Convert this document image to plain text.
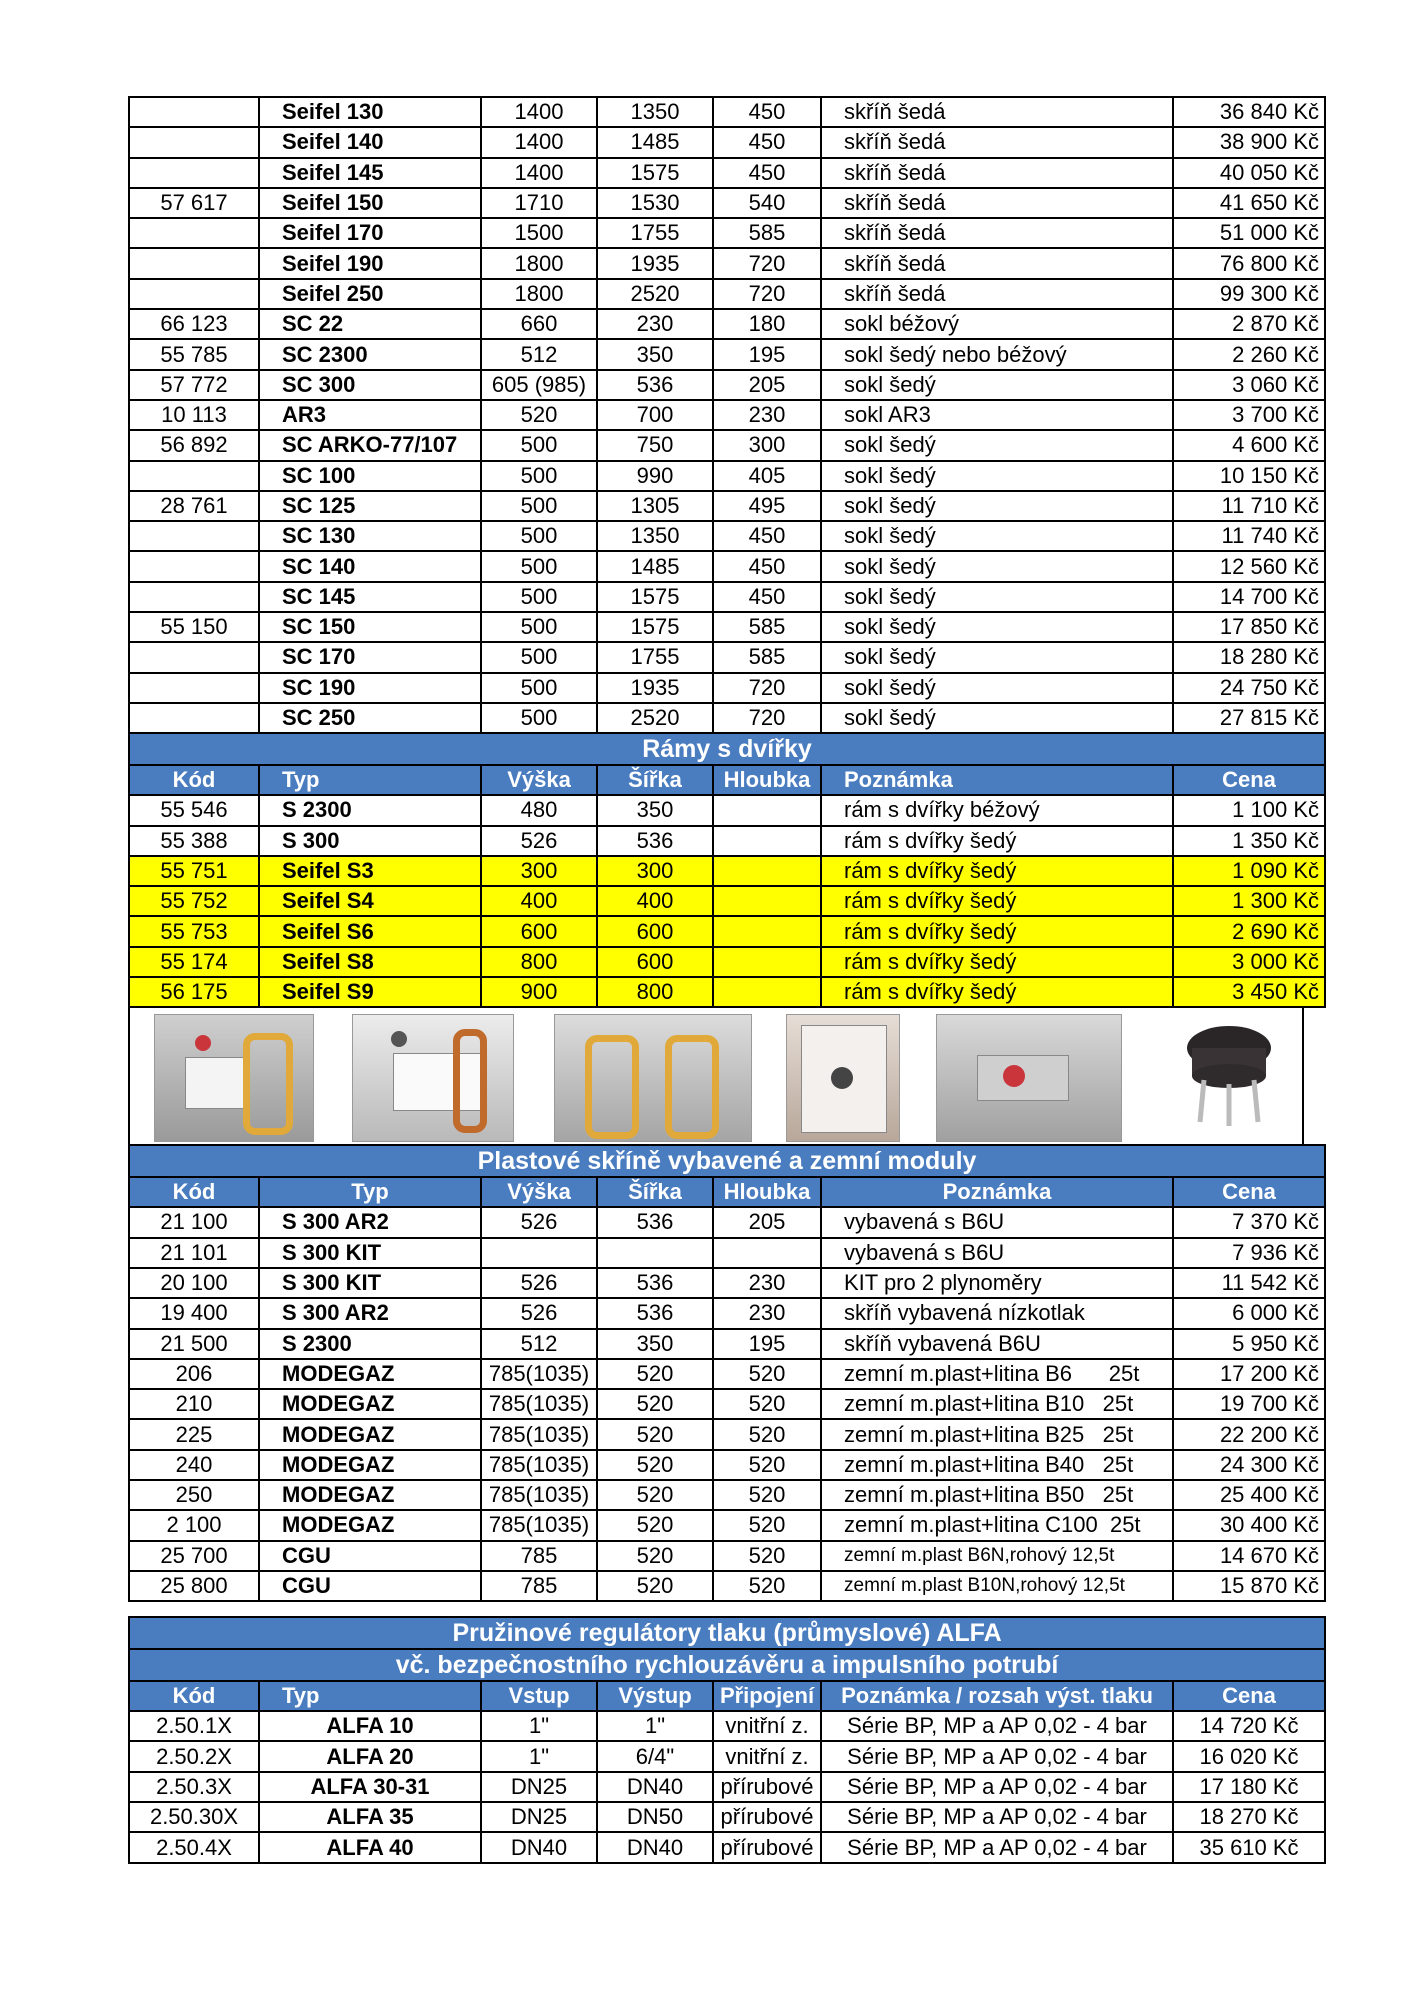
	Seifel 130	1400	1350	450	skříň šedá	36 840 Kč
	Seifel 140	1400	1485	450	skříň šedá	38 900 Kč
	Seifel 145	1400	1575	450	skříň šedá	40 050 Kč
57 617	Seifel 150	1710	1530	540	skříň šedá	41 650 Kč
	Seifel 170	1500	1755	585	skříň šedá	51 000 Kč
	Seifel 190	1800	1935	720	skříň šedá	76 800 Kč
	Seifel 250	1800	2520	720	skříň šedá	99 300 Kč
66 123	SC 22	660	230	180	sokl béžový	2 870 Kč
55 785	SC 2300	512	350	195	sokl šedý nebo béžový	2 260 Kč
57 772	SC 300	605 (985)	536	205	sokl šedý	3 060 Kč
10 113	AR3	520	700	230	sokl AR3	3 700 Kč
56 892	SC ARKO-77/107	500	750	300	sokl šedý	4 600 Kč
	SC 100	500	990	405	sokl šedý	10 150 Kč
28 761	SC 125	500	1305	495	sokl šedý	11 710 Kč
	SC 130	500	1350	450	sokl šedý	11 740 Kč
	SC 140	500	1485	450	sokl šedý	12 560 Kč
	SC 145	500	1575	450	sokl šedý	14 700 Kč
55 150	SC 150	500	1575	585	sokl šedý	17 850 Kč
	SC 170	500	1755	585	sokl šedý	18 280 Kč
	SC 190	500	1935	720	sokl šedý	24 750 Kč
	SC 250	500	2520	720	sokl šedý	27 815 Kč
Rámy s dvířky						
Kód	Typ	Výška	Šířka	Hloubka	Poznámka	Cena
55 546	S 2300	480	350		rám s dvířky béžový	1 100 Kč
55 388	S 300	526	536		rám s dvířky šedý	1 350 Kč
55 751	Seifel S3	300	300		rám s dvířky šedý	1 090 Kč
55 752	Seifel S4	400	400		rám s dvířky šedý	1 300 Kč
55 753	Seifel S6	600	600		rám s dvířky šedý	2 690 Kč
55 174	Seifel S8	800	600		rám s dvířky šedý	3 000 Kč
56 175	Seifel S9	900	800		rám s dvířky šedý	3 450 Kč
Plastové skříně vybavené a zemní moduly						
Kód	Typ	Výška	Šířka	Hloubka	Poznámka	Cena
21 100	S 300 AR2	526	536	205	vybavená s B6U	7 370 Kč
21 101	S 300 KIT				vybavená s B6U	7 936 Kč
20 100	S 300 KIT	526	536	230	KIT pro 2 plynoměry	11 542 Kč
19 400	S 300 AR2	526	536	230	skříň vybavená nízkotlak	6 000 Kč
21 500	S 2300	512	350	195	skříň vybavená B6U	5 950 Kč
206	MODEGAZ	785(1035)	520	520	zemní m.plast+litina B6      25t	17 200 Kč
210	MODEGAZ	785(1035)	520	520	zemní m.plast+litina B10   25t	19 700 Kč
225	MODEGAZ	785(1035)	520	520	zemní m.plast+litina B25   25t	22 200 Kč
240	MODEGAZ	785(1035)	520	520	zemní m.plast+litina B40   25t	24 300 Kč
250	MODEGAZ	785(1035)	520	520	zemní m.plast+litina B50   25t	25 400 Kč
2 100	MODEGAZ	785(1035)	520	520	zemní m.plast+litina C100  25t	30 400 Kč
25 700	CGU	785	520	520	zemní m.plast B6N,rohový 12,5t	14 670 Kč
25 800	CGU	785	520	520	zemní m.plast B10N,rohový 12,5t	15 870 Kč
Pružinové regulátory tlaku (průmyslové) ALFA						
vč. bezpečnostního rychlouzávěru a impulsního potrubí						
Kód	Typ	Vstup	Výstup	Připojení	Poznámka / rozsah výst. tlaku	Cena
2.50.1X	ALFA 10	1"	1"	vnitřní z.	Série BP, MP a AP 0,02 - 4 bar	14 720 Kč
2.50.2X	ALFA 20	1"	6/4"	vnitřní z.	Série BP, MP a AP 0,02 - 4 bar	16 020 Kč
2.50.3X	ALFA 30-31	DN25	DN40	přírubové	Série BP, MP a AP 0,02 - 4 bar	17 180 Kč
2.50.30X	ALFA 35	DN25	DN50	přírubové	Série BP, MP a AP 0,02 - 4 bar	18 270 Kč
2.50.4X	ALFA 40	DN40	DN40	přírubové	Série BP, MP a AP 0,02 - 4 bar	35 610 Kč
